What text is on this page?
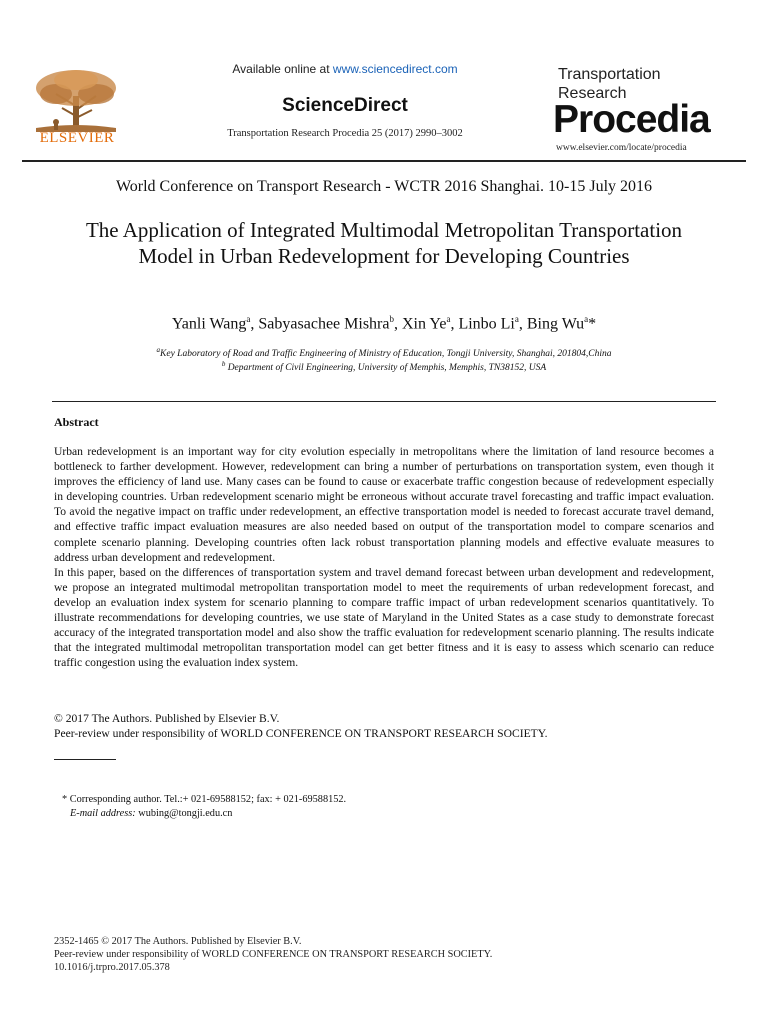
ELSEVIER
Available online at www.sciencedirect.com
ScienceDirect
Transportation Research Procedia 25 (2017) 2990–3002
Transportation
Research
Procedia
www.elsevier.com/locate/procedia
World Conference on Transport Research - WCTR 2016 Shanghai. 10-15 July 2016
The Application of Integrated Multimodal Metropolitan Transportation Model in Urban Redevelopment for Developing Countries
Yanli Wang$^a$, Sabyasachee Mishra$^b$, Xin Ye$^a$, Linbo Li$^a$, Bing Wu$^a$*
$^a$Key Laboratory of Road and Traffic Engineering of Ministry of Education, Tongji University, Shanghai, 201804,China
$^b$ Department of Civil Engineering, University of Memphis, Memphis, TN38152, USA
Abstract

Urban redevelopment is an important way for city evolution especially in metropolitans where the limitation of land resource becomes a bottleneck to farther development. However, redevelopment can bring a number of perturbations on transportation system, even though it improves the efficiency of land use. Many cases can be found to cause or exacerbate traffic congestion because of redevelopment especially in developing countries. Urban redevelopment scenario might be erroneous without accurate travel forecasting and traffic impact evaluation. To avoid the negative impact on traffic under redevelopment, an effective transportation model is needed to forecast accurate travel demand, and effective traffic impact evaluation measures are also needed based on output of the transportation model to compare scenarios and complete scenario planning. Developing countries often lack robust transportation planning models and effective evaluate measures to address urban development and redevelopment.

In this paper, based on the differences of transportation system and travel demand forecast between urban development and redevelopment, we propose an integrated multimodal metropolitan transportation model to meet the requirements of urban redevelopment forecast, and develop an evaluation index system for scenario planning to compare traffic impact of urban redevelopment scenarios quantitatively. To illustrate recommendations for developing countries, we use state of Maryland in the United States as a case study to demonstrate forecast accuracy of the integrated transportation model and also show the traffic evaluation for redevelopment scenario planning. The results indicate that the integrated multimodal metropolitan transportation model can get better fitness and it is easy to assess which scenario can reduce traffic congestion using the evaluation index system.

© 2017 The Authors. Published by Elsevier B.V.
Peer-review under responsibility of WORLD CONFERENCE ON TRANSPORT RESEARCH SOCIETY.
* Corresponding author. Tel.:+ 021-69588152; fax: + 021-69588152.
E-mail address: wubing@tongji.edu.cn
2352-1465 © 2017 The Authors. Published by Elsevier B.V.
Peer-review under responsibility of WORLD CONFERENCE ON TRANSPORT RESEARCH SOCIETY.
10.1016/j.trpro.2017.05.378
